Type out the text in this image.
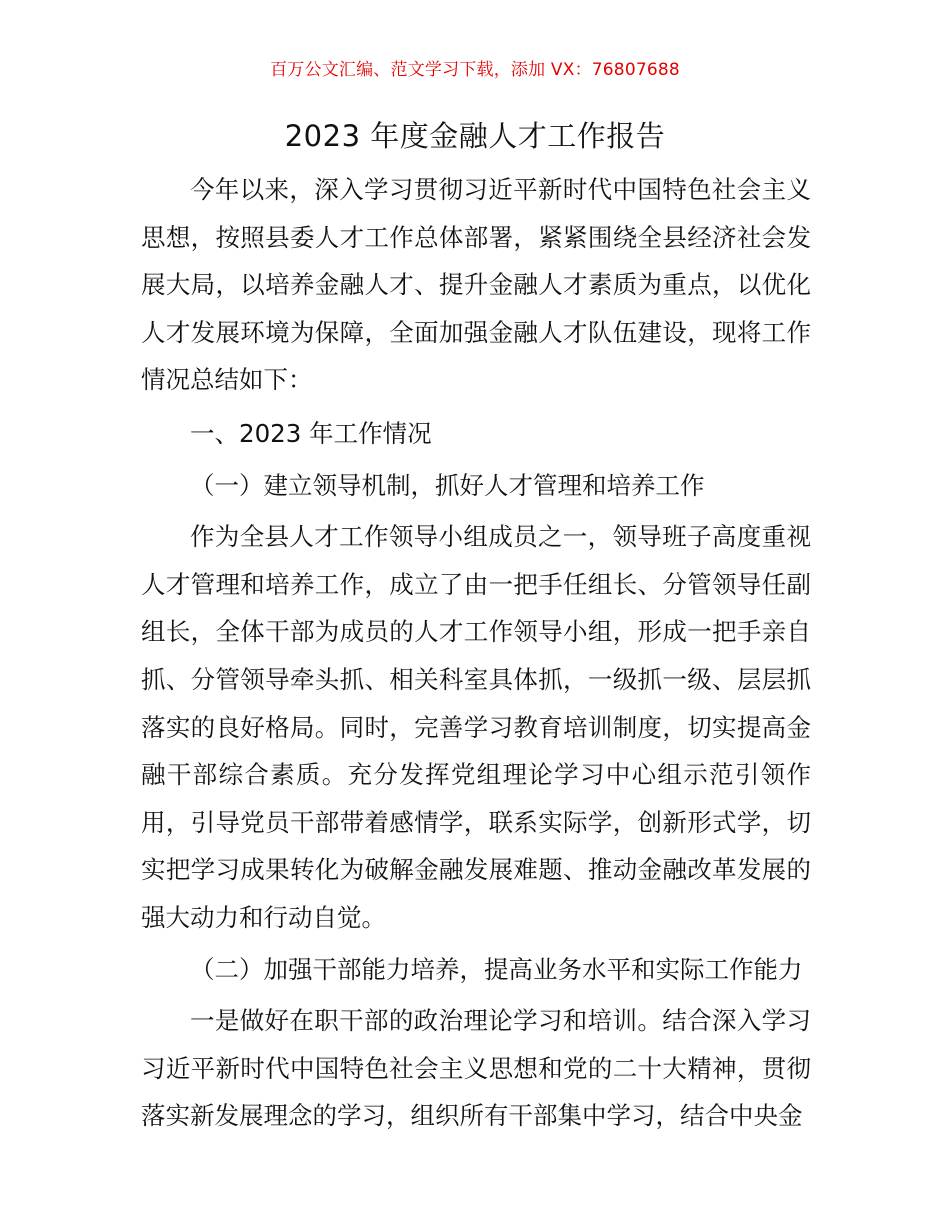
百万公文汇编、范文学习下载，添加 VX：76807688
2023 年度金融人才工作报告

今年以来，深入学习贯彻习近平新时代中国特色社会主义思想，按照县委人才工作总体部署，紧紧围绕全县经济社会发展大局，以培养金融人才、提升金融人才素质为重点，以优化人才发展环境为保障，全面加强金融人才队伍建设，现将工作情况总结如下：

一、2023 年工作情况

（一）建立领导机制，抓好人才管理和培养工作

作为全县人才工作领导小组成员之一，领导班子高度重视人才管理和培养工作，成立了由一把手任组长、分管领导任副组长，全体干部为成员的人才工作领导小组，形成一把手亲自抓、分管领导牵头抓、相关科室具体抓，一级抓一级、层层抓落实的良好格局。同时，完善学习教育培训制度，切实提高金融干部综合素质。充分发挥党组理论学习中心组示范引领作用，引导党员干部带着感情学，联系实际学，创新形式学，切实把学习成果转化为破解金融发展难题、推动金融改革发展的强大动力和行动自觉。

（二）加强干部能力培养，提高业务水平和实际工作能力

一是做好在职干部的政治理论学习和培训。结合深入学习习近平新时代中国特色社会主义思想和党的二十大精神，贯彻落实新发展理念的学习，组织所有干部集中学习，结合中央金
